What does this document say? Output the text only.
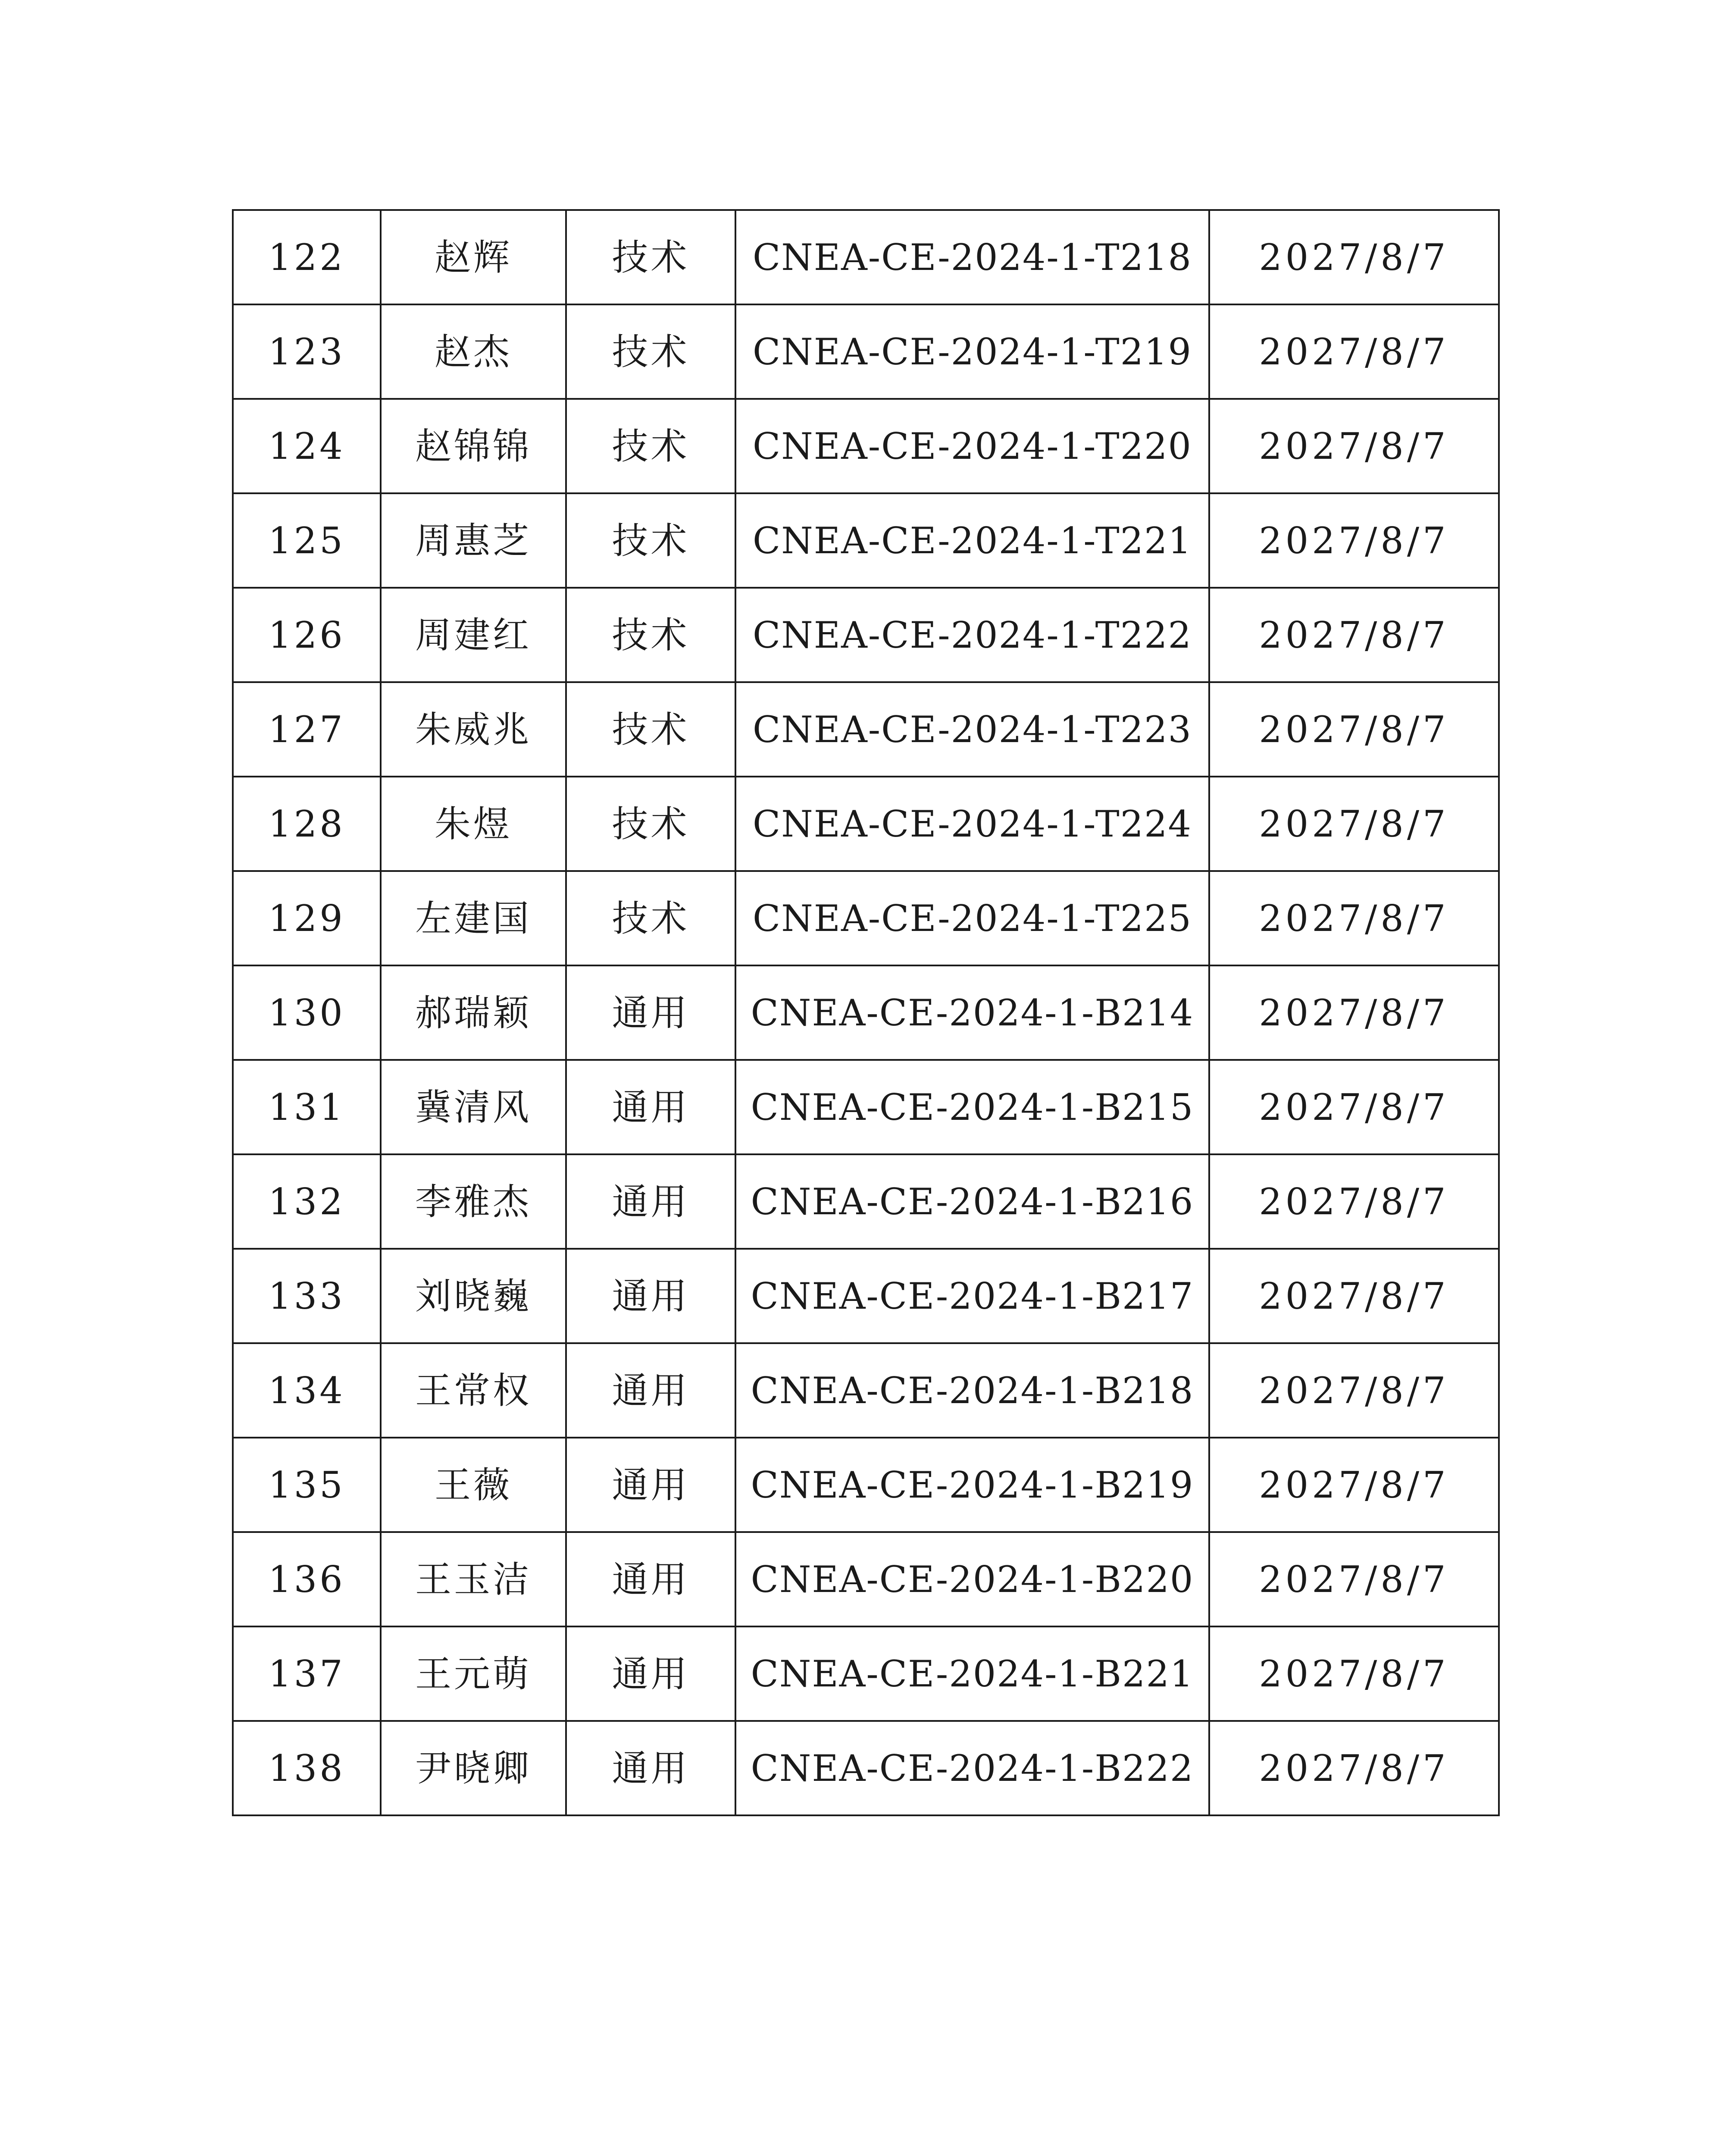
122	赵辉	技术	CNEA-CE-2024-1-T218	2027/8/7
123	赵杰	技术	CNEA-CE-2024-1-T219	2027/8/7
124	赵锦锦	技术	CNEA-CE-2024-1-T220	2027/8/7
125	周惠芝	技术	CNEA-CE-2024-1-T221	2027/8/7
126	周建红	技术	CNEA-CE-2024-1-T222	2027/8/7
127	朱威兆	技术	CNEA-CE-2024-1-T223	2027/8/7
128	朱煜	技术	CNEA-CE-2024-1-T224	2027/8/7
129	左建国	技术	CNEA-CE-2024-1-T225	2027/8/7
130	郝瑞颖	通用	CNEA-CE-2024-1-B214	2027/8/7
131	冀清风	通用	CNEA-CE-2024-1-B215	2027/8/7
132	李雅杰	通用	CNEA-CE-2024-1-B216	2027/8/7
133	刘晓巍	通用	CNEA-CE-2024-1-B217	2027/8/7
134	王常权	通用	CNEA-CE-2024-1-B218	2027/8/7
135	王薇	通用	CNEA-CE-2024-1-B219	2027/8/7
136	王玉洁	通用	CNEA-CE-2024-1-B220	2027/8/7
137	王元萌	通用	CNEA-CE-2024-1-B221	2027/8/7
138	尹晓卿	通用	CNEA-CE-2024-1-B222	2027/8/7
